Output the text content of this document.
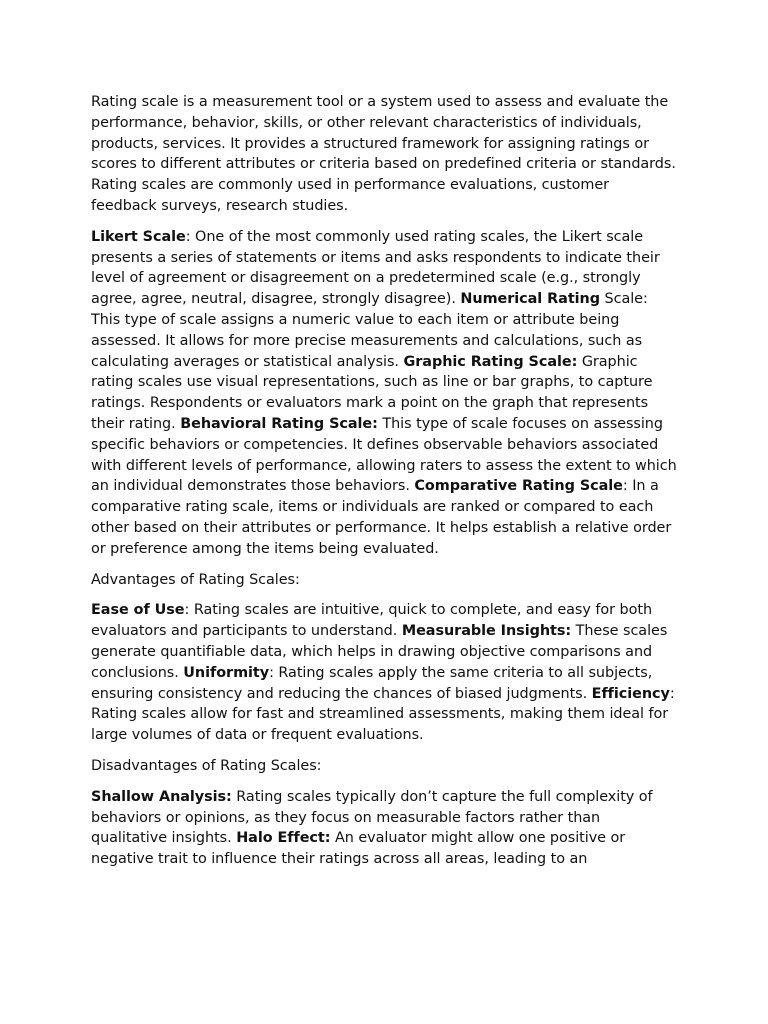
Rating scale is a measurement tool or a system used to assess and evaluate the performance, behavior, skills, or other relevant characteristics of individuals, products, services. It provides a structured framework for assigning ratings or scores to different attributes or criteria based on predefined criteria or standards. Rating scales are commonly used in performance evaluations, customer feedback surveys, research studies.

Likert Scale: One of the most commonly used rating scales, the Likert scale presents a series of statements or items and asks respondents to indicate their level of agreement or disagreement on a predetermined scale (e.g., strongly agree, agree, neutral, disagree, strongly disagree). Numerical Rating Scale: This type of scale assigns a numeric value to each item or attribute being assessed. It allows for more precise measurements and calculations, such as calculating averages or statistical analysis. Graphic Rating Scale: Graphic rating scales use visual representations, such as line or bar graphs, to capture ratings. Respondents or evaluators mark a point on the graph that represents their rating. Behavioral Rating Scale: This type of scale focuses on assessing specific behaviors or competencies. It defines observable behaviors associated with different levels of performance, allowing raters to assess the extent to which an individual demonstrates those behaviors. Comparative Rating Scale: In a comparative rating scale, items or individuals are ranked or compared to each other based on their attributes or performance. It helps establish a relative order or preference among the items being evaluated.

Advantages of Rating Scales:

Ease of Use: Rating scales are intuitive, quick to complete, and easy for both evaluators and participants to understand. Measurable Insights: These scales generate quantifiable data, which helps in drawing objective comparisons and conclusions. Uniformity: Rating scales apply the same criteria to all subjects, ensuring consistency and reducing the chances of biased judgments. Efficiency: Rating scales allow for fast and streamlined assessments, making them ideal for large volumes of data or frequent evaluations.

Disadvantages of Rating Scales:

Shallow Analysis: Rating scales typically don’t capture the full complexity of behaviors or opinions, as they focus on measurable factors rather than qualitative insights. Halo Effect: An evaluator might allow one positive or negative trait to influence their ratings across all areas, leading to an
